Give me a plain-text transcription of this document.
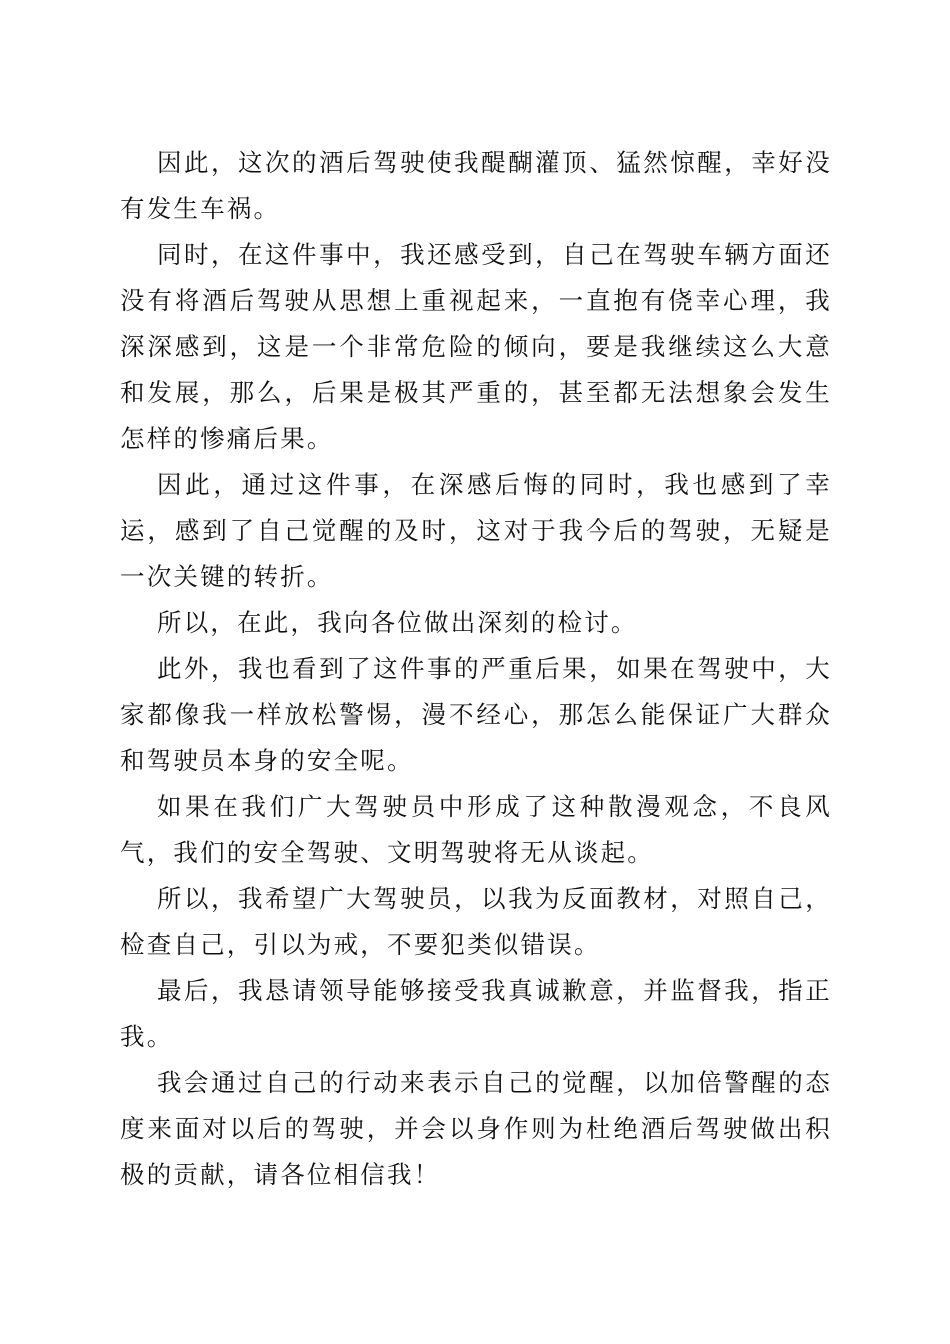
因此，这次的酒后驾驶使我醍醐灌顶、猛然惊醒，幸好没有发生车祸。

同时，在这件事中，我还感受到，自己在驾驶车辆方面还没有将酒后驾驶从思想上重视起来，一直抱有侥幸心理，我深深感到，这是一个非常危险的倾向，要是我继续这么大意和发展，那么，后果是极其严重的，甚至都无法想象会发生怎样的惨痛后果。

因此，通过这件事，在深感后悔的同时，我也感到了幸运，感到了自己觉醒的及时，这对于我今后的驾驶，无疑是一次关键的转折。

所以，在此，我向各位做出深刻的检讨。

此外，我也看到了这件事的严重后果，如果在驾驶中，大家都像我一样放松警惕，漫不经心，那怎么能保证广大群众和驾驶员本身的安全呢。

如果在我们广大驾驶员中形成了这种散漫观念，不良风气，我们的安全驾驶、文明驾驶将无从谈起。

所以，我希望广大驾驶员，以我为反面教材，对照自己，检查自己，引以为戒，不要犯类似错误。

最后，我恳请领导能够接受我真诚歉意，并监督我，指正我。

我会通过自己的行动来表示自己的觉醒，以加倍警醒的态度来面对以后的驾驶，并会以身作则为杜绝酒后驾驶做出积极的贡献，请各位相信我！
